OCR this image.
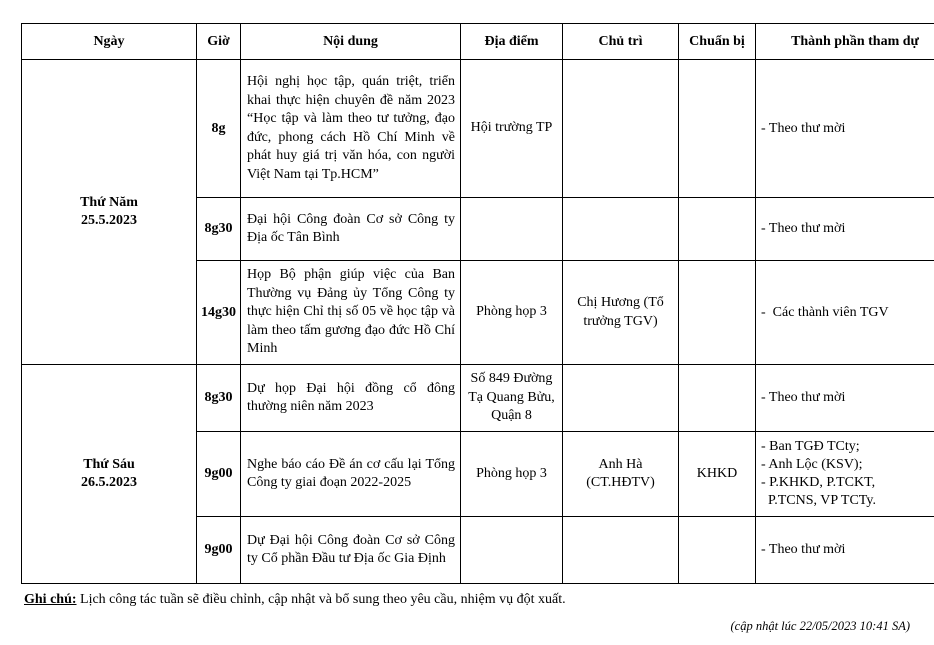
Ngày	Giờ	Nội dung	Địa điểm	Chủ trì	Chuẩn bị	Thành phần tham dự

Thứ Năm
25.5.2023	8g	Hội nghị học tập, quán triệt, triển khai thực hiện chuyên đề năm 2023 “Học tập và làm theo tư tưởng, đạo đức, phong cách Hồ Chí Minh về phát huy giá trị văn hóa, con người Việt Nam tại Tp.HCM”	Hội trường TP			- Theo thư mời

	8g30	Đại hội Công đoàn Cơ sở Công ty Địa ốc Tân Bình				- Theo thư mời

	14g30	Họp Bộ phận giúp việc của Ban Thường vụ Đảng ủy Tổng Công ty thực hiện Chỉ thị số 05 về học tập và làm theo tấm gương đạo đức Hồ Chí Minh	Phòng họp 3	Chị Hương (Tổ trưởng TGV)		-  Các thành viên TGV

Thứ Sáu
26.5.2023	8g30	Dự họp Đại hội đồng cổ đông thường niên năm 2023	Số 849 Đường Tạ Quang Bửu, Quận 8			- Theo thư mời

	9g00	Nghe báo cáo Đề án cơ cấu lại Tổng Công ty giai đoạn 2022-2025	Phòng họp 3	Anh Hà (CT.HĐTV)	KHKD	- Ban TGĐ TCty;
- Anh Lộc (KSV);
- P.KHKD, P.TCKT,
P.TCNS, VP TCTy.

	9g00	Dự Đại hội Công đoàn Cơ sở Công ty Cổ phần Đầu tư Địa ốc Gia Định				- Theo thư mời
Ghi chú: Lịch công tác tuần sẽ điều chỉnh, cập nhật và bổ sung theo yêu cầu, nhiệm vụ đột xuất.
(cập nhật lúc 22/05/2023 10:41 SA)
